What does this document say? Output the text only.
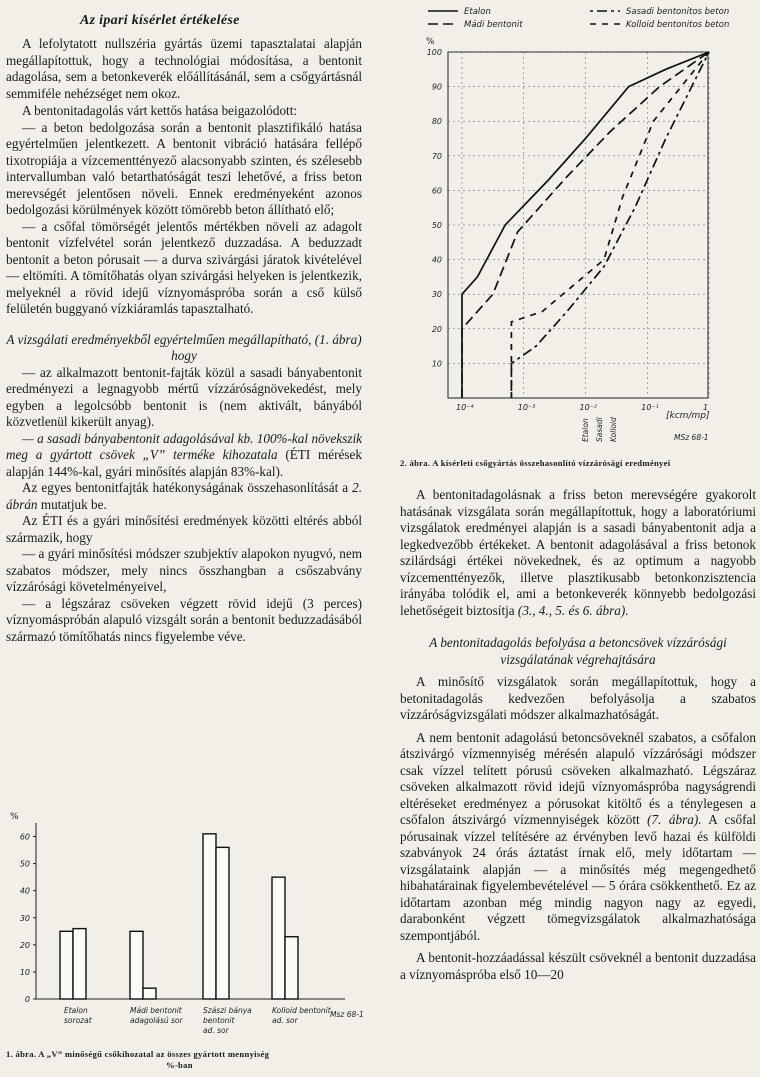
Az ipari kísérlet értékelése

A lefolytatott nullszéria gyártás üzemi tapasztalatai alapján megállapítottuk, hogy a technológiai módosítása, a bentonit adagolása, sem a betonkeverék előállításánál, sem a csőgyártásnál semmiféle nehézséget nem okoz.

A bentonitadagolás várt kettős hatása beigazolódott:

— a beton bedolgozása során a bentonit plasztifikáló hatása egyértelműen jelentkezett. A bentonit vibráció hatására fellépő tixotropiája a vízcementtényező alacsonyabb szinten, és szélesebb intervallumban való betarthatóságát teszi lehetővé, a friss beton merevségét jelentősen növeli. Ennek eredményeként azonos bedolgozási körülmények között tömörebb beton állítható elő;

— a csőfal tömörségét jelentős mértékben növeli az adagolt bentonit vízfelvétel során jelentkező duzzadása. A beduzzadt bentonit a beton pórusait — a durva szivárgási járatok kivételével — eltömíti. A tömítőhatás olyan szivárgási helyeken is jelentkezik, melyeknél a rövid idejű víznyomáspróba során a cső külső felületén buggyanó vízkiáramlás tapasztalható.

A vizsgálati eredményekből egyértelműen megállapítható, (1. ábra) hogy

— az alkalmazott bentonit-fajták közül a sasadi bányabentonit eredményezi a legnagyobb mértű vízzáróságnövekedést, mely egyben a legolcsóbb bentonit is (nem aktivált, bányából közvetlenül kikerült anyag).

— a sasadi bányabentonit adagolásával kb. 100%-kal növekszik meg a gyártott csövek „V” terméke kihozatala (ÉTI mérések alapján 144%-kal, gyári minősítés alapján 83%-kal).

Az egyes bentonitfajták hatékonyságának összehasonlítását a 2. ábrán mutatjuk be.

Az ÉTI és a gyári minősítési eredmények közötti eltérés abból származik, hogy

— a gyári minősítési módszer szubjektív alapokon nyugvó, nem szabatos módszer, mely nincs összhangban a csőszabvány vízzárósági követelményeivel,

— a légszáraz csöveken végzett rövid idejű (3 perces) víznyomáspróbán alapuló vizsgált során a bentonit beduzzadásából származó tömítőhatás nincs figyelembe véve.

%
60
50
40
30
20
10
0
Etalon
sorozat
Mádi bentonit
adagolású sor
Szászi bánya
bentonit
ad. sor
Kolloid bentonit
ad. sor
Msz 68-1
1. ábra. A „V” minőségű csőkihozatal az összes gyártott mennyiség
%-ban
Etalon
Mádi bentonit
Sasadi bentonitos beton
Kolloid bentonitos beton
%
100
90
80
70
60
50
40
30
20
10
10⁻⁴	10⁻³	10⁻²	10⁻¹	1
Etalon Sasadi Kolloid
[kcm/mp]
MSz 68-1
2. ábra. A kísérleti csőgyártás összehasonlító vízzárósági eredményei

A bentonitadagolásnak a friss beton merevségére gyakorolt hatásának vizsgálata során megállapítottuk, hogy a laboratóriumi vizsgálatok eredményei alapján is a sasadi bányabentonit adja a legkedvezőbb értékeket. A bentonit adagolásával a friss betonok szilárdsági értékei növekednek, és az optimum a nagyobb vízcementtényezők, illetve plasztikusabb betonkonzisztencia irányába tolódik el, ami a betonkeverék könnyebb bedolgozási lehetőségeit biztosítja (3., 4., 5. és 6. ábra).

A bentonitadagolás befolyása a betoncsövek vízzárósági vizsgálatának végrehajtására

A minősítő vizsgálatok során megállapítottuk, hogy a betonitadagolás kedvezően befolyásolja a szabatos vízzáróságvizsgálati módszer alkalmazhatóságát.

A nem bentonit adagolású betoncsöveknél szabatos, a csőfalon átszivárgó vízmennyiség mérésén alapuló vízzárósági módszer csak vízzel telített pórusú csöveken alkalmazható. Légszáraz csöveken alkalmazott rövid idejű víznyomáspróba nagyságrendi eltéréseket eredményez a pórusokat kitöltő és a ténylegesen a csőfalon átszivárgó vízmennyiségek között (7. ábra). A csőfal pórusainak vízzel telítésére az érvényben levő hazai és külföldi szabványok 24 órás áztatást írnak elő, mely időtartam — vizsgálataink alapján — a minősítés még megengedhető hibahatárainak figyelembevételével — 5 órára csökkenthető. Ez az időtartam azonban még mindig nagyon nagy az egyedi, darabonként végzett tömegvizsgálatok alkalmazhatósága szempontjából.

A bentonit-hozzáadással készült csöveknél a bentonit duzzadása a víznyomáspróba első 10—20
